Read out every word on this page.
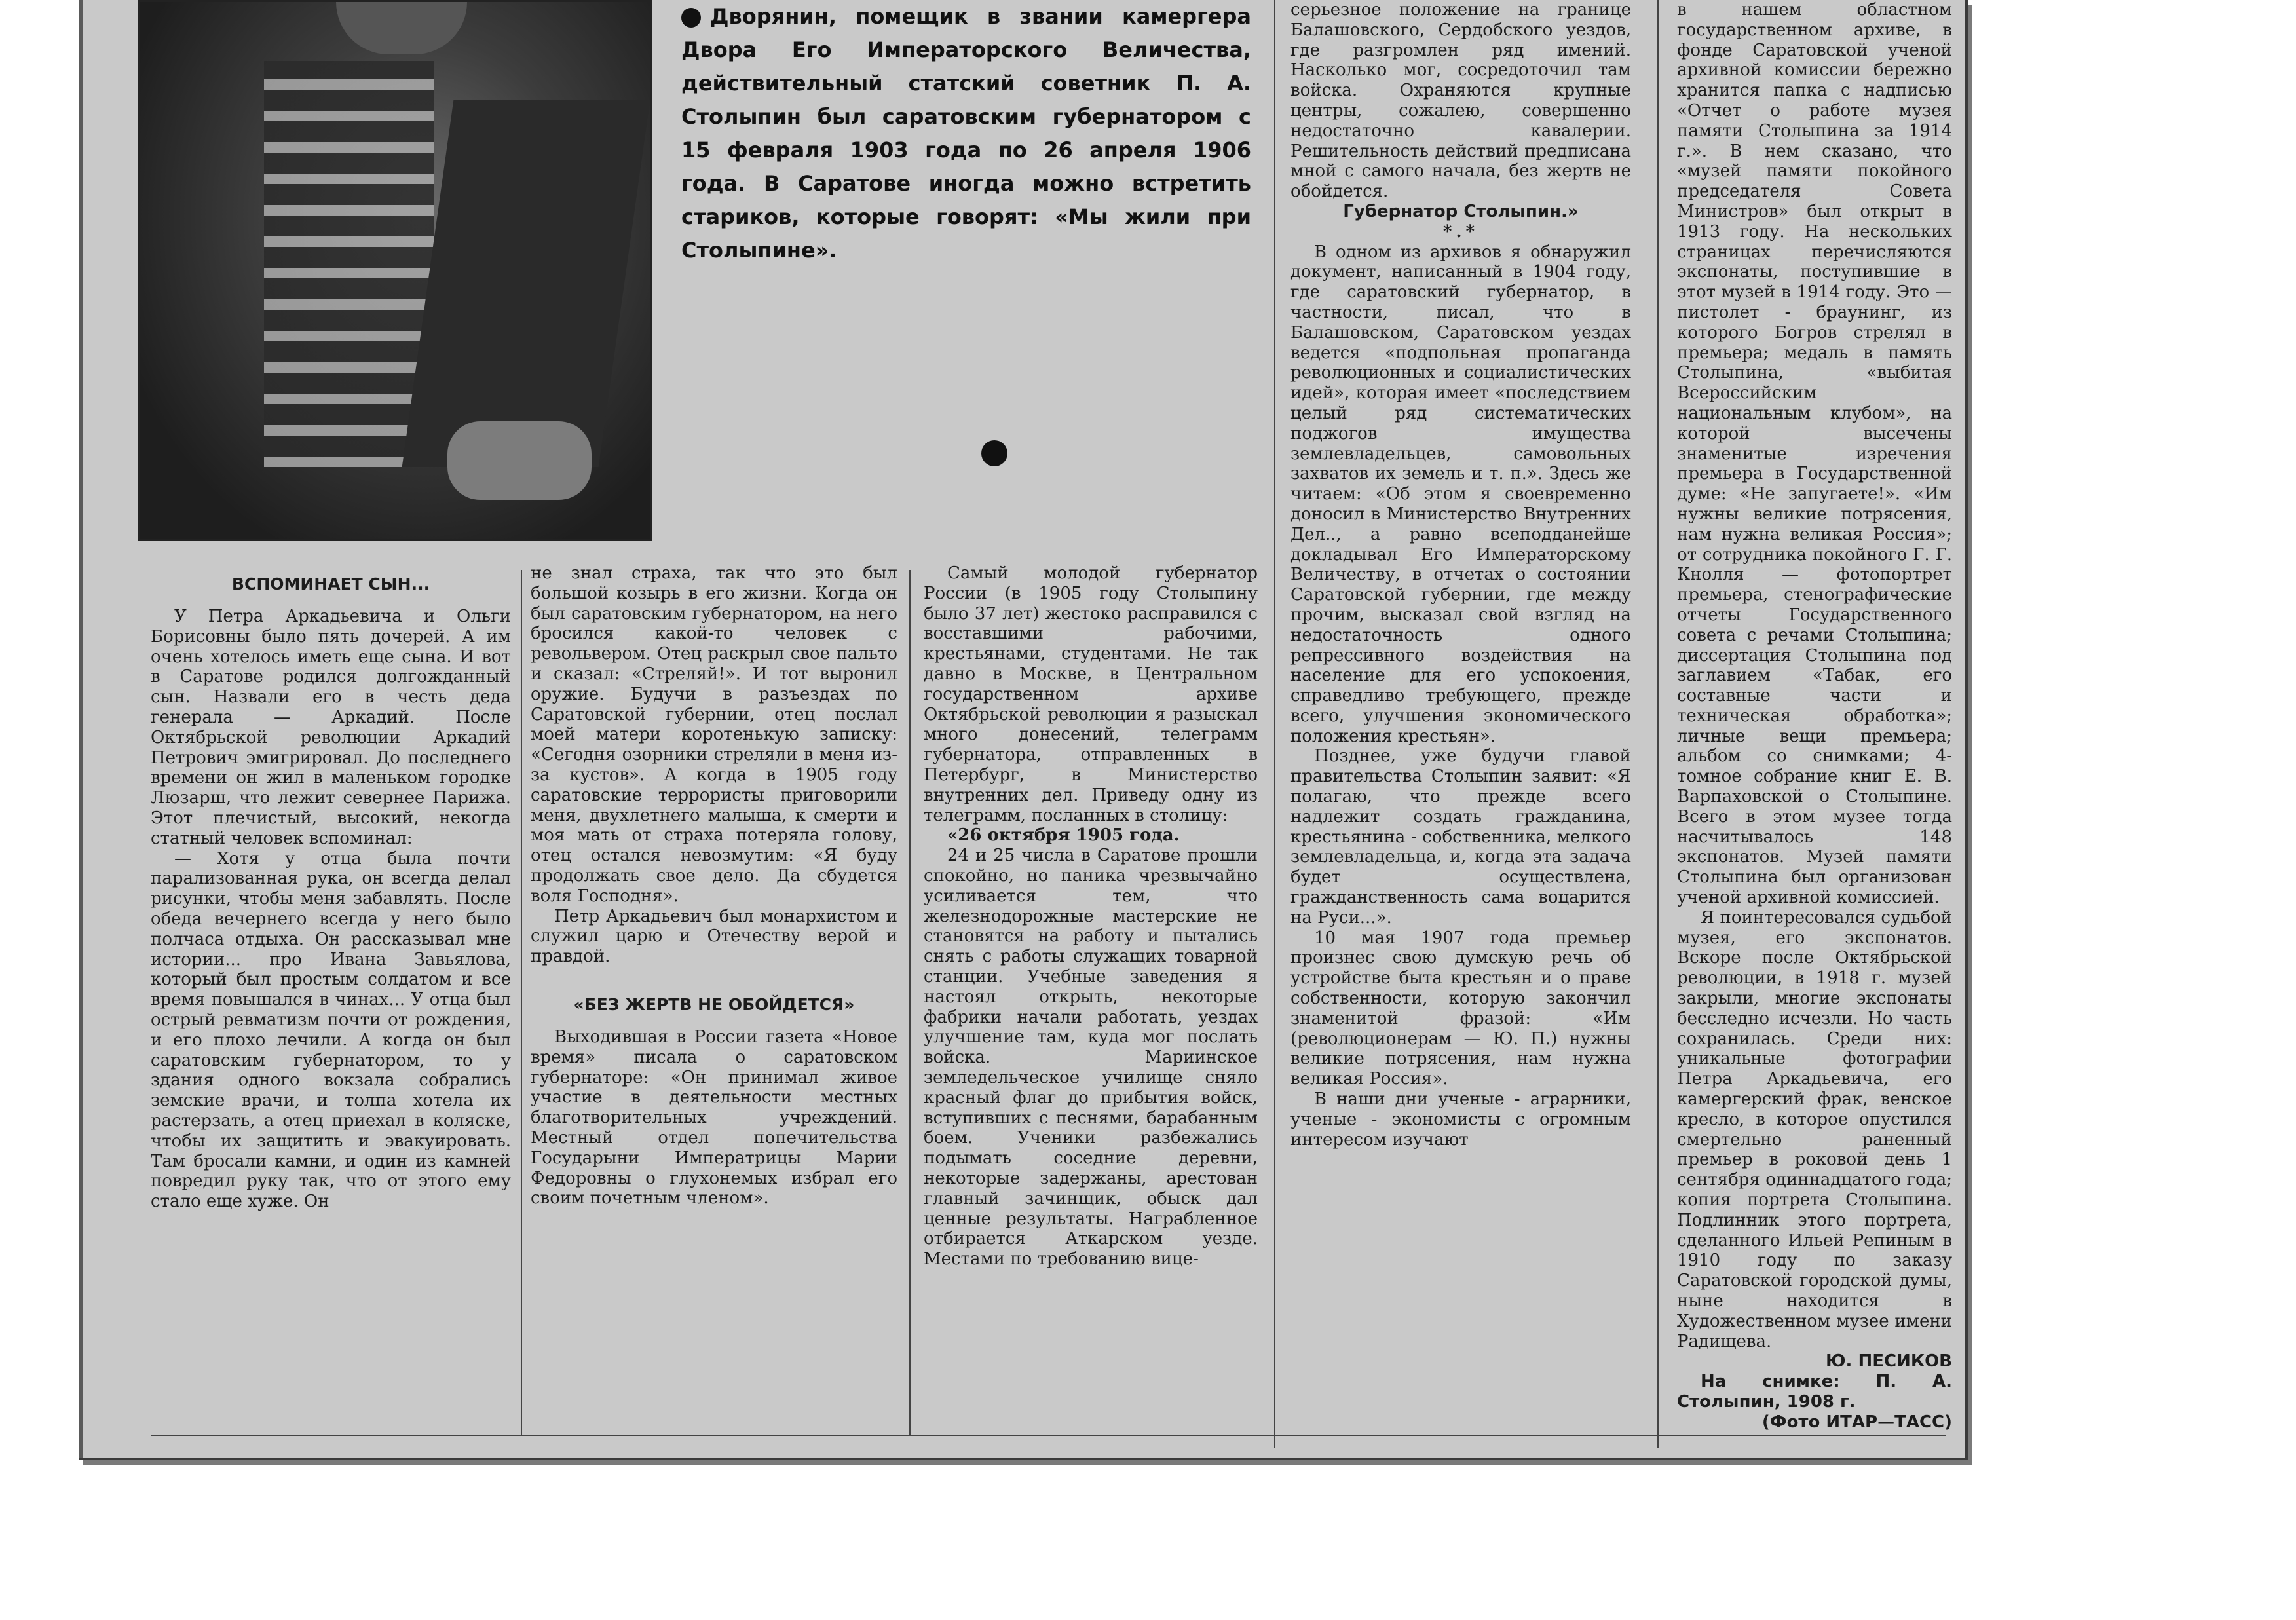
Дворянин, помещик в звании камергера Двора Его Императорского Величества, действительный статский советник П. А. Столыпин был саратовским губернатором с 15 февраля 1903 года по 26 апреля 1906 года. В Саратове иногда можно встретить стариков, которые говорят: «Мы жили при Столыпине».

ВСПОМИНАЕТ СЫН...

У Петра Аркадьевича и Ольги Борисовны было пять дочерей. А им очень хотелось иметь еще сына. И вот в Саратове родился долгожданный сын. Назвали его в честь деда генерала — Аркадий. После Октябрьской революции Аркадий Петрович эмигрировал. До последнего времени он жил в маленьком городке Люзарш, что лежит севернее Парижа. Этот плечистый, высокий, некогда статный человек вспоминал:

— Хотя у отца была почти парализованная рука, он всегда делал рисунки, чтобы меня забавлять. После обеда вечернего всегда у него было полчаса отдыха. Он рассказывал мне истории... про Ивана Завьялова, который был простым солдатом и все время повышался в чинах... У отца был острый ревматизм почти от рождения, и его плохо лечили. А когда он был саратовским губернатором, то у здания одного вокзала собрались земские врачи, и толпа хотела их растерзать, а отец приехал в коляске, чтобы их защитить и эвакуировать. Там бросали камни, и один из камней повредил руку так, что от этого ему стало еще хуже. Он

не знал страха, так что это был большой козырь в его жизни. Когда он был саратовским губернатором, на него бросился какой-то человек с револьвером. Отец раскрыл свое пальто и сказал: «Стреляй!». И тот выронил оружие. Будучи в разъездах по Саратовской губернии, отец послал моей матери коротенькую записку: «Сегодня озорники стреляли в меня из-за кустов». А когда в 1905 году саратовские террористы приговорили меня, двухлетнего малыша, к смерти и моя мать от страха потеряла голову, отец остался невозмутим: «Я буду продолжать свое дело. Да сбудется воля Господня».

Петр Аркадьевич был монархистом и служил царю и Отечеству верой и правдой.

«БЕЗ ЖЕРТВ НЕ ОБОЙДЕТСЯ»

Выходившая в России газета «Новое время» писала о саратовском губернаторе: «Он принимал живое участие в деятельности местных благотворительных учреждений. Местный отдел попечительства Государыни Императрицы Марии Федоровны о глухонемых избрал его своим почетным членом».

Самый молодой губернатор России (в 1905 году Столыпину было 37 лет) жестоко расправился с восставшими рабочими, крестьянами, студентами. Не так давно в Москве, в Центральном государственном архиве Октябрьской революции я разыскал много донесений, телеграмм губернатора, отправленных в Петербург, в Министерство внутренних дел. Приведу одну из телеграмм, посланных в столицу:

«26 октября 1905 года.

24 и 25 числа в Саратове прошли спокойно, но паника чрезвычайно усиливается тем, что железнодорожные мастерские не становятся на работу и пытались снять с работы служащих товарной станции. Учебные заведения я настоял открыть, некоторые фабрики начали работать, уездах улучшение там, куда мог послать войска. Мариинское земледельческое училище сняло красный флаг до прибытия войск, вступивших с песнями, барабанным боем. Ученики разбежались подымать соседние деревни, некоторые задержаны, арестован главный зачинщик, обыск дал ценные результаты. Награбленное отбирается Аткарском уезде. Местами по требованию вице-

серьезное положение на границе Балашовского, Сердобского уездов, где разгромлен ряд имений. Насколько мог, сосредоточил там войска. Охраняются крупные центры, сожалею, совершенно недостаточно кавалерии. Решительность действий предписана мной с самого начала, без жертв не обойдется.

Губернатор Столыпин.»

*.*

В одном из архивов я обнаружил документ, написанный в 1904 году, где саратовский губернатор, в частности, писал, что в Балашовском, Саратовском уездах ведется «подпольная пропаганда революционных и социалистических идей», которая имеет «последствием целый ряд систематических поджогов имущества землевладельцев, самовольных захватов их земель и т. п.». Здесь же читаем: «Об этом я своевременно доносил в Министерство Внутренних Дел.., а равно всеподданейше докладывал Его Императорскому Величеству, в отчетах о состоянии Саратовской губернии, где между прочим, высказал свой взгляд на недостаточность одного репрессивного воздействия на население для его успокоения, справедливо требующего, прежде всего, улучшения экономического положения крестьян».

Позднее, уже будучи главой правительства Столыпин заявит: «Я полагаю, что прежде всего надлежит создать гражданина, крестьянина - собственника, мелкого землевладельца, и, когда эта задача будет осуществлена, гражданственность сама воцарится на Руси...».

10 мая 1907 года премьер произнес свою думскую речь об устройстве быта крестьян и о праве собственности, которую закончил знаменитой фразой: «Им (революционерам — Ю. П.) нужны великие потрясения, нам нужна великая Россия».

В наши дни ученые - аграрники, ученые - экономисты с огромным интересом изучают

в нашем областном государственном архиве, в фонде Саратовской ученой архивной комиссии бережно хранится папка с надписью «Отчет о работе музея памяти Столыпина за 1914 г.». В нем сказано, что «музей памяти покойного председателя Совета Министров» был открыт в 1913 году. На нескольких страницах перечисляются экспонаты, поступившие в этот музей в 1914 году. Это — пистолет - браунинг, из которого Богров стрелял в премьера; медаль в память Столыпина, «выбитая Всероссийским национальным клубом», на которой высечены знаменитые изречения премьера в Государственной думе: «Не запугаете!». «Им нужны великие потрясения, нам нужна великая Россия»; от сотрудника покойного Г. Г. Кнолля — фотопортрет премьера, стенографические отчеты Государственного совета с речами Столыпина; диссертация Столыпина под заглавием «Табак, его составные части и техническая обработка»; личные вещи премьера; альбом со снимками; 4-томное собрание книг Е. В. Варпаховской о Столыпине. Всего в этом музее тогда насчитывалось 148 экспонатов. Музей памяти Столыпина был организован ученой архивной комиссией.

Я поинтересовался судьбой музея, его экспонатов. Вскоре после Октябрьской революции, в 1918 г. музей закрыли, многие экспонаты бесследно исчезли. Но часть сохранилась. Среди них: уникальные фотографии Петра Аркадьевича, его камергерский фрак, венское кресло, в которое опустился смертельно раненный премьер в роковой день 1 сентября одиннадцатого года; копия портрета Столыпина. Подлинник этого портрета, сделанного Ильей Репиным в 1910 году по заказу Саратовской городской думы, ныне находится в Художественном музее имени Радищева.

Ю. ПЕСИКОВ

На снимке: П. А. Столыпин, 1908 г.

(Фото ИТАР—ТАСС)
